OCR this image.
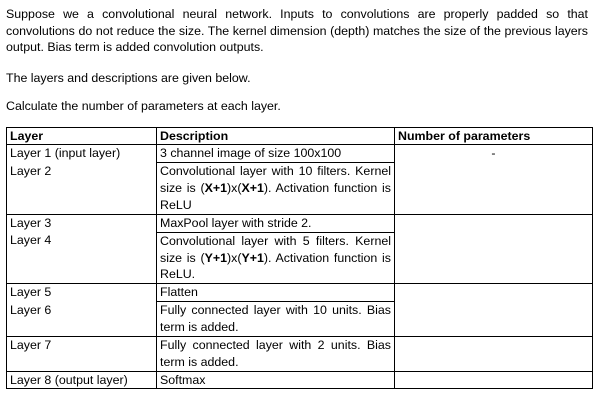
Suppose we a convolutional neural network. Inputs to convolutions are properly padded so that convolutions do not reduce the size. The kernel dimension (depth) matches the size of the previous layers output. Bias term is added convolution outputs.

The layers and descriptions are given below.

Calculate the number of parameters at each layer.

Layer	Description	Number of parameters
Layer 1 (input layer)	3 channel image of size 100x100	-
Layer 2	Convolutional layer with 10 filters. Kernel size is (X+1)x(X+1). Activation function is ReLU	
Layer 3	MaxPool layer with stride 2.	
Layer 4	Convolutional layer with 5 filters. Kernel size is (Y+1)x(Y+1). Activation function is ReLU.	
Layer 5	Flatten	
Layer 6	Fully connected layer with 10 units. Bias term is added.	
Layer 7	Fully connected layer with 2 units. Bias term is added.	
Layer 8 (output layer)	Softmax	
